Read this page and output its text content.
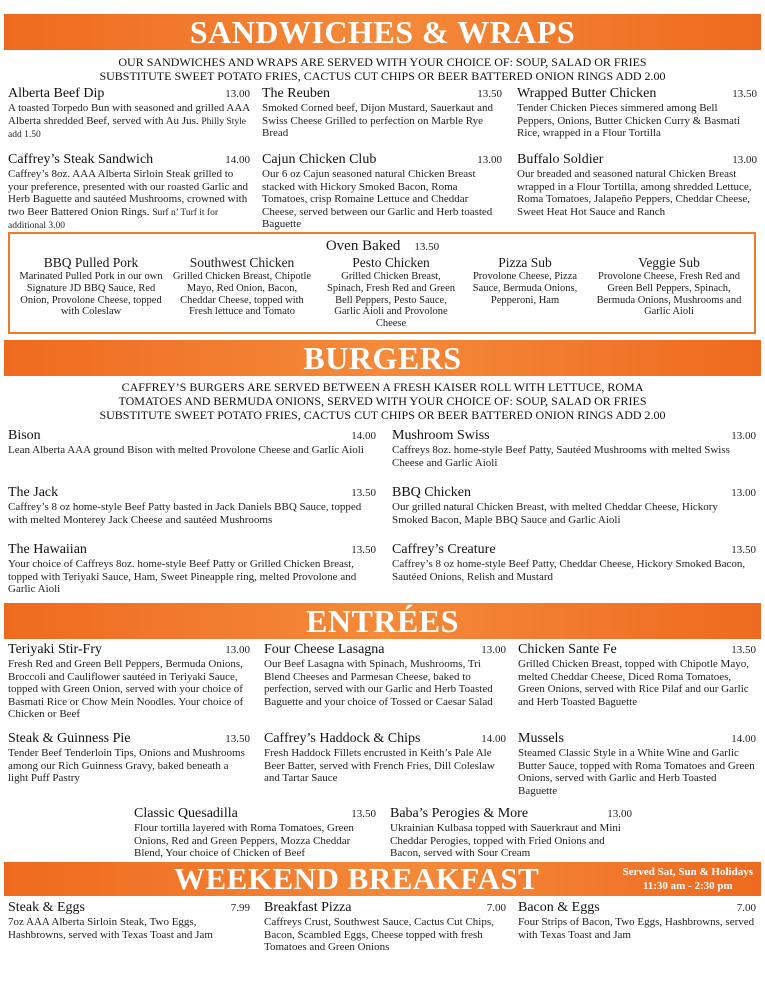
SANDWICHES & WRAPS
OUR SANDWICHES AND WRAPS ARE SERVED WITH YOUR CHOICE OF: SOUP, SALAD OR FRIES
SUBSTITUTE SWEET POTATO FRIES, CACTUS CUT CHIPS OR BEER BATTERED ONION RINGS ADD 2.00
Alberta Beef Dip	13.00
A toasted Torpedo Bun with seasoned and grilled AAA Alberta shredded Beef, served with Au Jus. Philly Style add 1.50
The Reuben	13.50
Smoked Corned beef, Dijon Mustard, Sauerkaut and Swiss Cheese Grilled to perfection on Marble Rye Bread
Wrapped Butter Chicken	13.50
Tender Chicken Pieces simmered among Bell Peppers, Onions, Butter Chicken Curry & Basmati Rice, wrapped in a Flour Tortilla
Caffrey’s Steak Sandwich	14.00
Caffrey’s 8oz. AAA Alberta Sirloin Steak grilled to your preference, presented with our roasted Garlic and Herb Baguette and sautéed Mushrooms, crowned with two Beer Battered Onion Rings. Surf n’ Turf it for additional 3.00
Cajun Chicken Club	13.00
Our 6 oz Cajun seasoned natural Chicken Breast stacked with Hickory Smoked Bacon, Roma Tomatoes, crisp Romaine Lettuce and Cheddar Cheese, served between our Garlic and Herb toasted Baguette
Buffalo Soldier	13.00
Our breaded and seasoned natural Chicken Breast wrapped in a Flour Tortilla, among shredded Lettuce, Roma Tomatoes, Jalapeño Peppers, Cheddar Cheese, Sweet Heat Hot Sauce and Ranch
Oven Baked 13.50
BBQ Pulled Pork
Marinated Pulled Pork in our own Signature JD BBQ Sauce, Red Onion, Provolone Cheese, topped with Coleslaw
Southwest Chicken
Grilled Chicken Breast, Chipotle Mayo, Red Onion, Bacon, Cheddar Cheese, topped with Fresh lettuce and Tomato
Pesto Chicken
Grilled Chicken Breast, Spinach, Fresh Red and Green Bell Peppers, Pesto Sauce, Garlic Aioli and Provolone Cheese
Pizza Sub
Provolone Cheese, Pizza Sauce, Bermuda Onions, Pepperoni, Ham
Veggie Sub
Provolone Cheese, Fresh Red and Green Bell Peppers, Spinach, Bermuda Onions, Mushrooms and Garlic Aioli
BURGERS
CAFFREY’S BURGERS ARE SERVED BETWEEN A FRESH KAISER ROLL WITH LETTUCE, ROMA
TOMATOES AND BERMUDA ONIONS, SERVED WITH YOUR CHOICE OF: SOUP, SALAD OR FRIES
SUBSTITUTE SWEET POTATO FRIES, CACTUS CUT CHIPS OR BEER BATTERED ONION RINGS ADD 2.00
Bison	14.00
Lean Alberta AAA ground Bison with melted Provolone Cheese and Garlic Aioli
Mushroom Swiss	13.00
Caffreys 8oz. home-style Beef Patty, Sautéed Mushrooms with melted Swiss Cheese and Garlic Aioli
The Jack	13.50
Caffrey’s 8 oz home-style Beef Patty basted in Jack Daniels BBQ Sauce, topped with melted Monterey Jack Cheese and sautéed Mushrooms
BBQ Chicken	13.00
Our grilled natural Chicken Breast, with melted Cheddar Cheese, Hickory Smoked Bacon, Maple BBQ Sauce and Garlic Aioli
The Hawaiian	13.50
Your choice of Caffreys 8oz. home-style Beef Patty or Grilled Chicken Breast, topped with Teriyaki Sauce, Ham, Sweet Pineapple ring, melted Provolone and Garlic Aioli
Caffrey’s Creature	13.50
Caffrey’s 8 oz home-style Beef Patty, Cheddar Cheese, Hickory Smoked Bacon, Sautéed Onions, Relish and Mustard
ENTRÉES
Teriyaki Stir-Fry	13.00
Fresh Red and Green Bell Peppers, Bermuda Onions, Broccoli and Cauliflower sautéed in Teriyaki Sauce, topped with Green Onion, served with your choice of Basmati Rice or Chow Mein Noodles. Your choice of Chicken or Beef
Four Cheese Lasagna	13.00
Our Beef Lasagna with Spinach, Mushrooms, Tri Blend Cheeses and Parmesan Cheese, baked to perfection, served with our Garlic and Herb Toasted Baguette and your choice of Tossed or Caesar Salad
Chicken Sante Fe	13.50
Grilled Chicken Breast, topped with Chipotle Mayo, melted Cheddar Cheese, Diced Roma Tomatoes, Green Onions, served with Rice Pilaf and our Garlic and Herb Toasted Baguette
Steak & Guinness Pie	13.50
Tender Beef Tenderloin Tips, Onions and Mushrooms among our Rich Guinness Gravy, baked beneath a light Puff Pastry
Caffrey’s Haddock & Chips	14.00
Fresh Haddock Fillets encrusted in Keith’s Pale Ale Beer Batter, served with French Fries, Dill Coleslaw and Tartar Sauce
Mussels	14.00
Steamed Classic Style in a White Wine and Garlic Butter Sauce, topped with Roma Tomatoes and Green Onions, served with Garlic and Herb Toasted Baguette
Classic Quesadilla	13.50
Flour tortilla layered with Roma Tomatoes, Green Onions, Red and Green Peppers, Mozza Cheddar Blend, Your choice of Chicken of Beef
Baba’s Perogies & More	13.00
Ukrainian Kulbasa topped with Sauerkraut and Mini Cheddar Perogies, topped with Fried Onions and Bacon, served with Sour Cream
WEEKEND BREAKFAST	Served Sat, Sun & Holidays
11:30 am - 2:30 pm
Steak & Eggs	7.99
7oz AAA Alberta Sirloin Steak, Two Eggs, Hashbrowns, served with Texas Toast and Jam
Breakfast Pizza	7.00
Caffreys Crust, Southwest Sauce, Cactus Cut Chips, Bacon, Scambled Eggs, Cheese topped with fresh Tomatoes and Green Onions
Bacon & Eggs	7.00
Four Strips of Bacon, Two Eggs, Hashbrowns, served with Texas Toast and Jam
